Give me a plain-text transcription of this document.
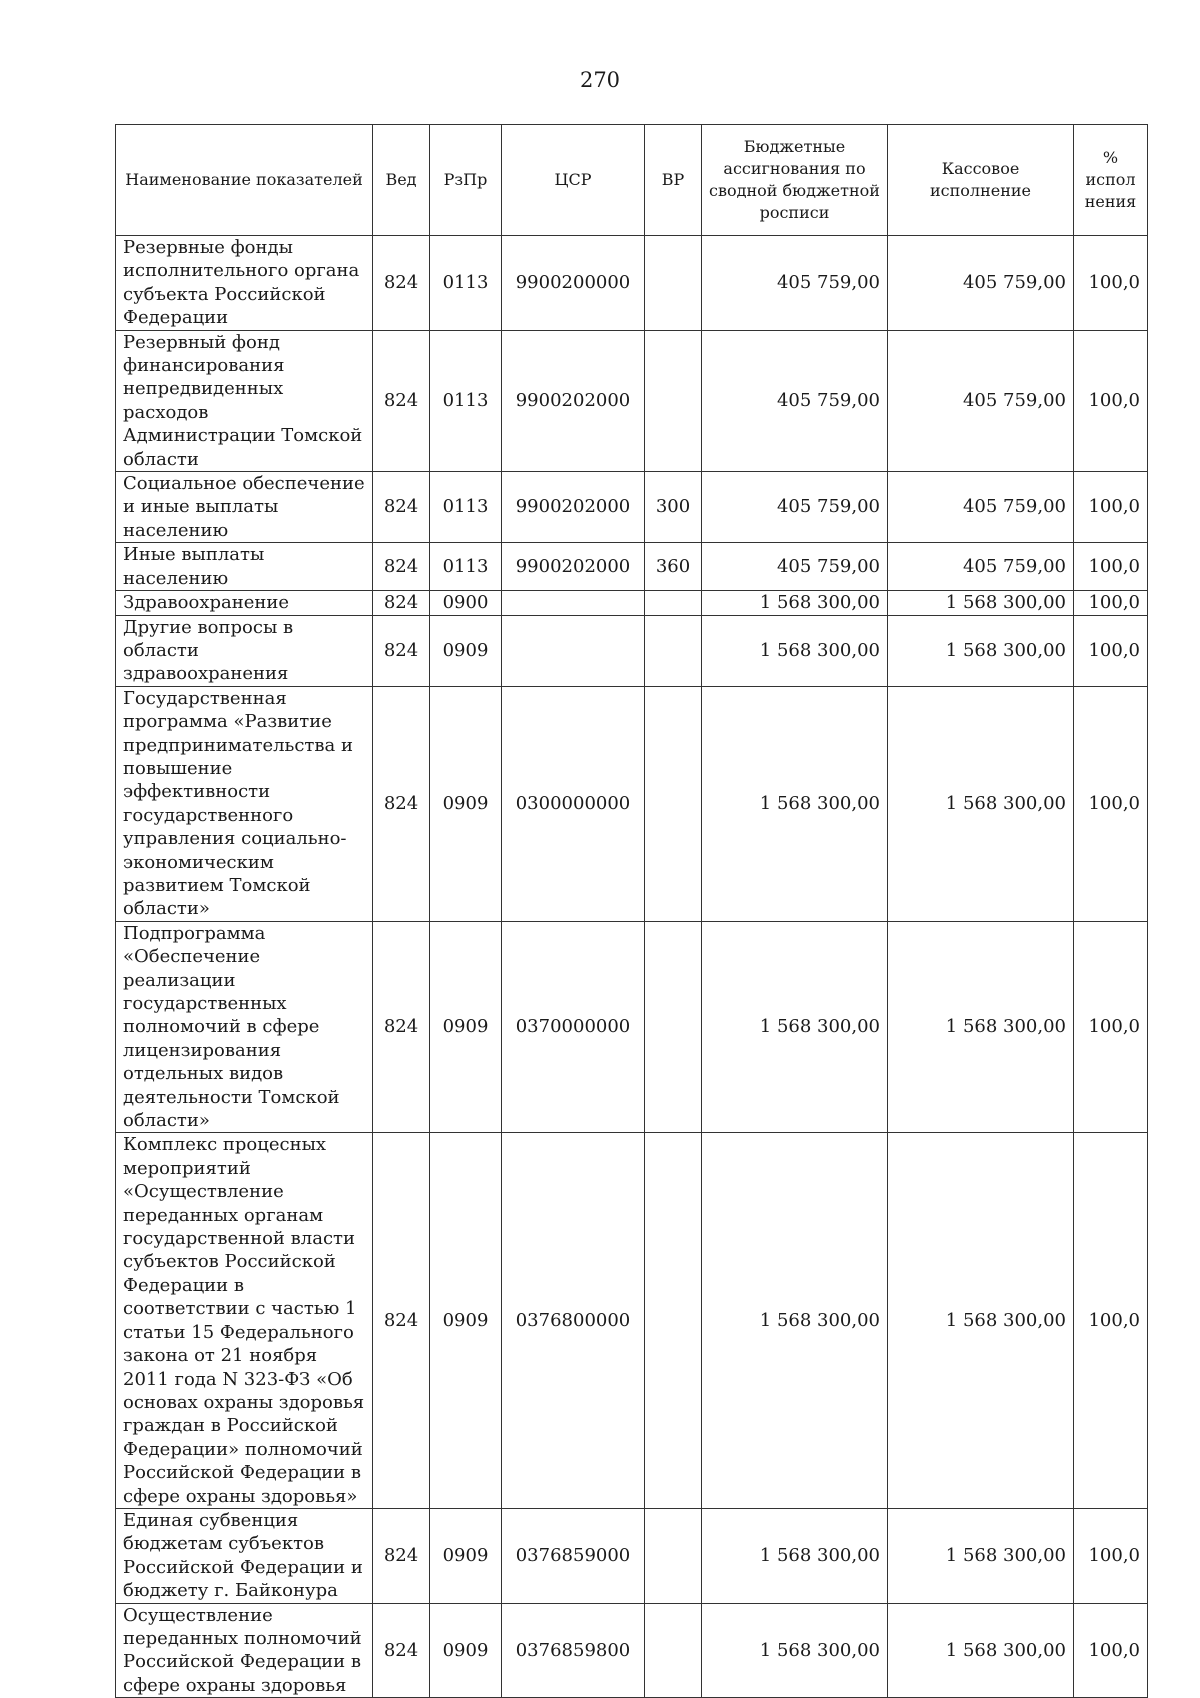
270
Наименование показателей	Вед	РзПр	ЦСР	ВР	Бюджетные ассигнования по сводной бюджетной росписи	Кассовое исполнение	% испол нения
Резервные фонды исполнительного органа субъекта Российской Федерации	824	0113	9900200000		405 759,00	405 759,00	100,0
Резервный фонд финансирования непредвиденных расходов Администрации Томской области	824	0113	9900202000		405 759,00	405 759,00	100,0
Социальное обеспечение и иные выплаты населению	824	0113	9900202000	300	405 759,00	405 759,00	100,0
Иные выплаты населению	824	0113	9900202000	360	405 759,00	405 759,00	100,0
Здравоохранение	824	0900			1 568 300,00	1 568 300,00	100,0
Другие вопросы в области здравоохранения	824	0909			1 568 300,00	1 568 300,00	100,0
Государственная программа «Развитие предпринимательства и повышение эффективности государственного управления социально-экономическим развитием Томской области»	824	0909	0300000000		1 568 300,00	1 568 300,00	100,0
Подпрограмма «Обеспечение реализации государственных полномочий в сфере лицензирования отдельных видов деятельности Томской области»	824	0909	0370000000		1 568 300,00	1 568 300,00	100,0
Комплекс процесных мероприятий «Осуществление переданных органам государственной власти субъектов Российской Федерации в соответствии с частью 1 статьи 15 Федерального закона от 21 ноября 2011 года N 323-ФЗ «Об основах охраны здоровья граждан в Российской Федерации» полномочий Российской Федерации в сфере охраны здоровья»	824	0909	0376800000		1 568 300,00	1 568 300,00	100,0
Единая субвенция бюджетам субъектов Российской Федерации и бюджету г. Байконура	824	0909	0376859000		1 568 300,00	1 568 300,00	100,0
Осуществление переданных полномочий Российской Федерации в сфере охраны здоровья	824	0909	0376859800		1 568 300,00	1 568 300,00	100,0
